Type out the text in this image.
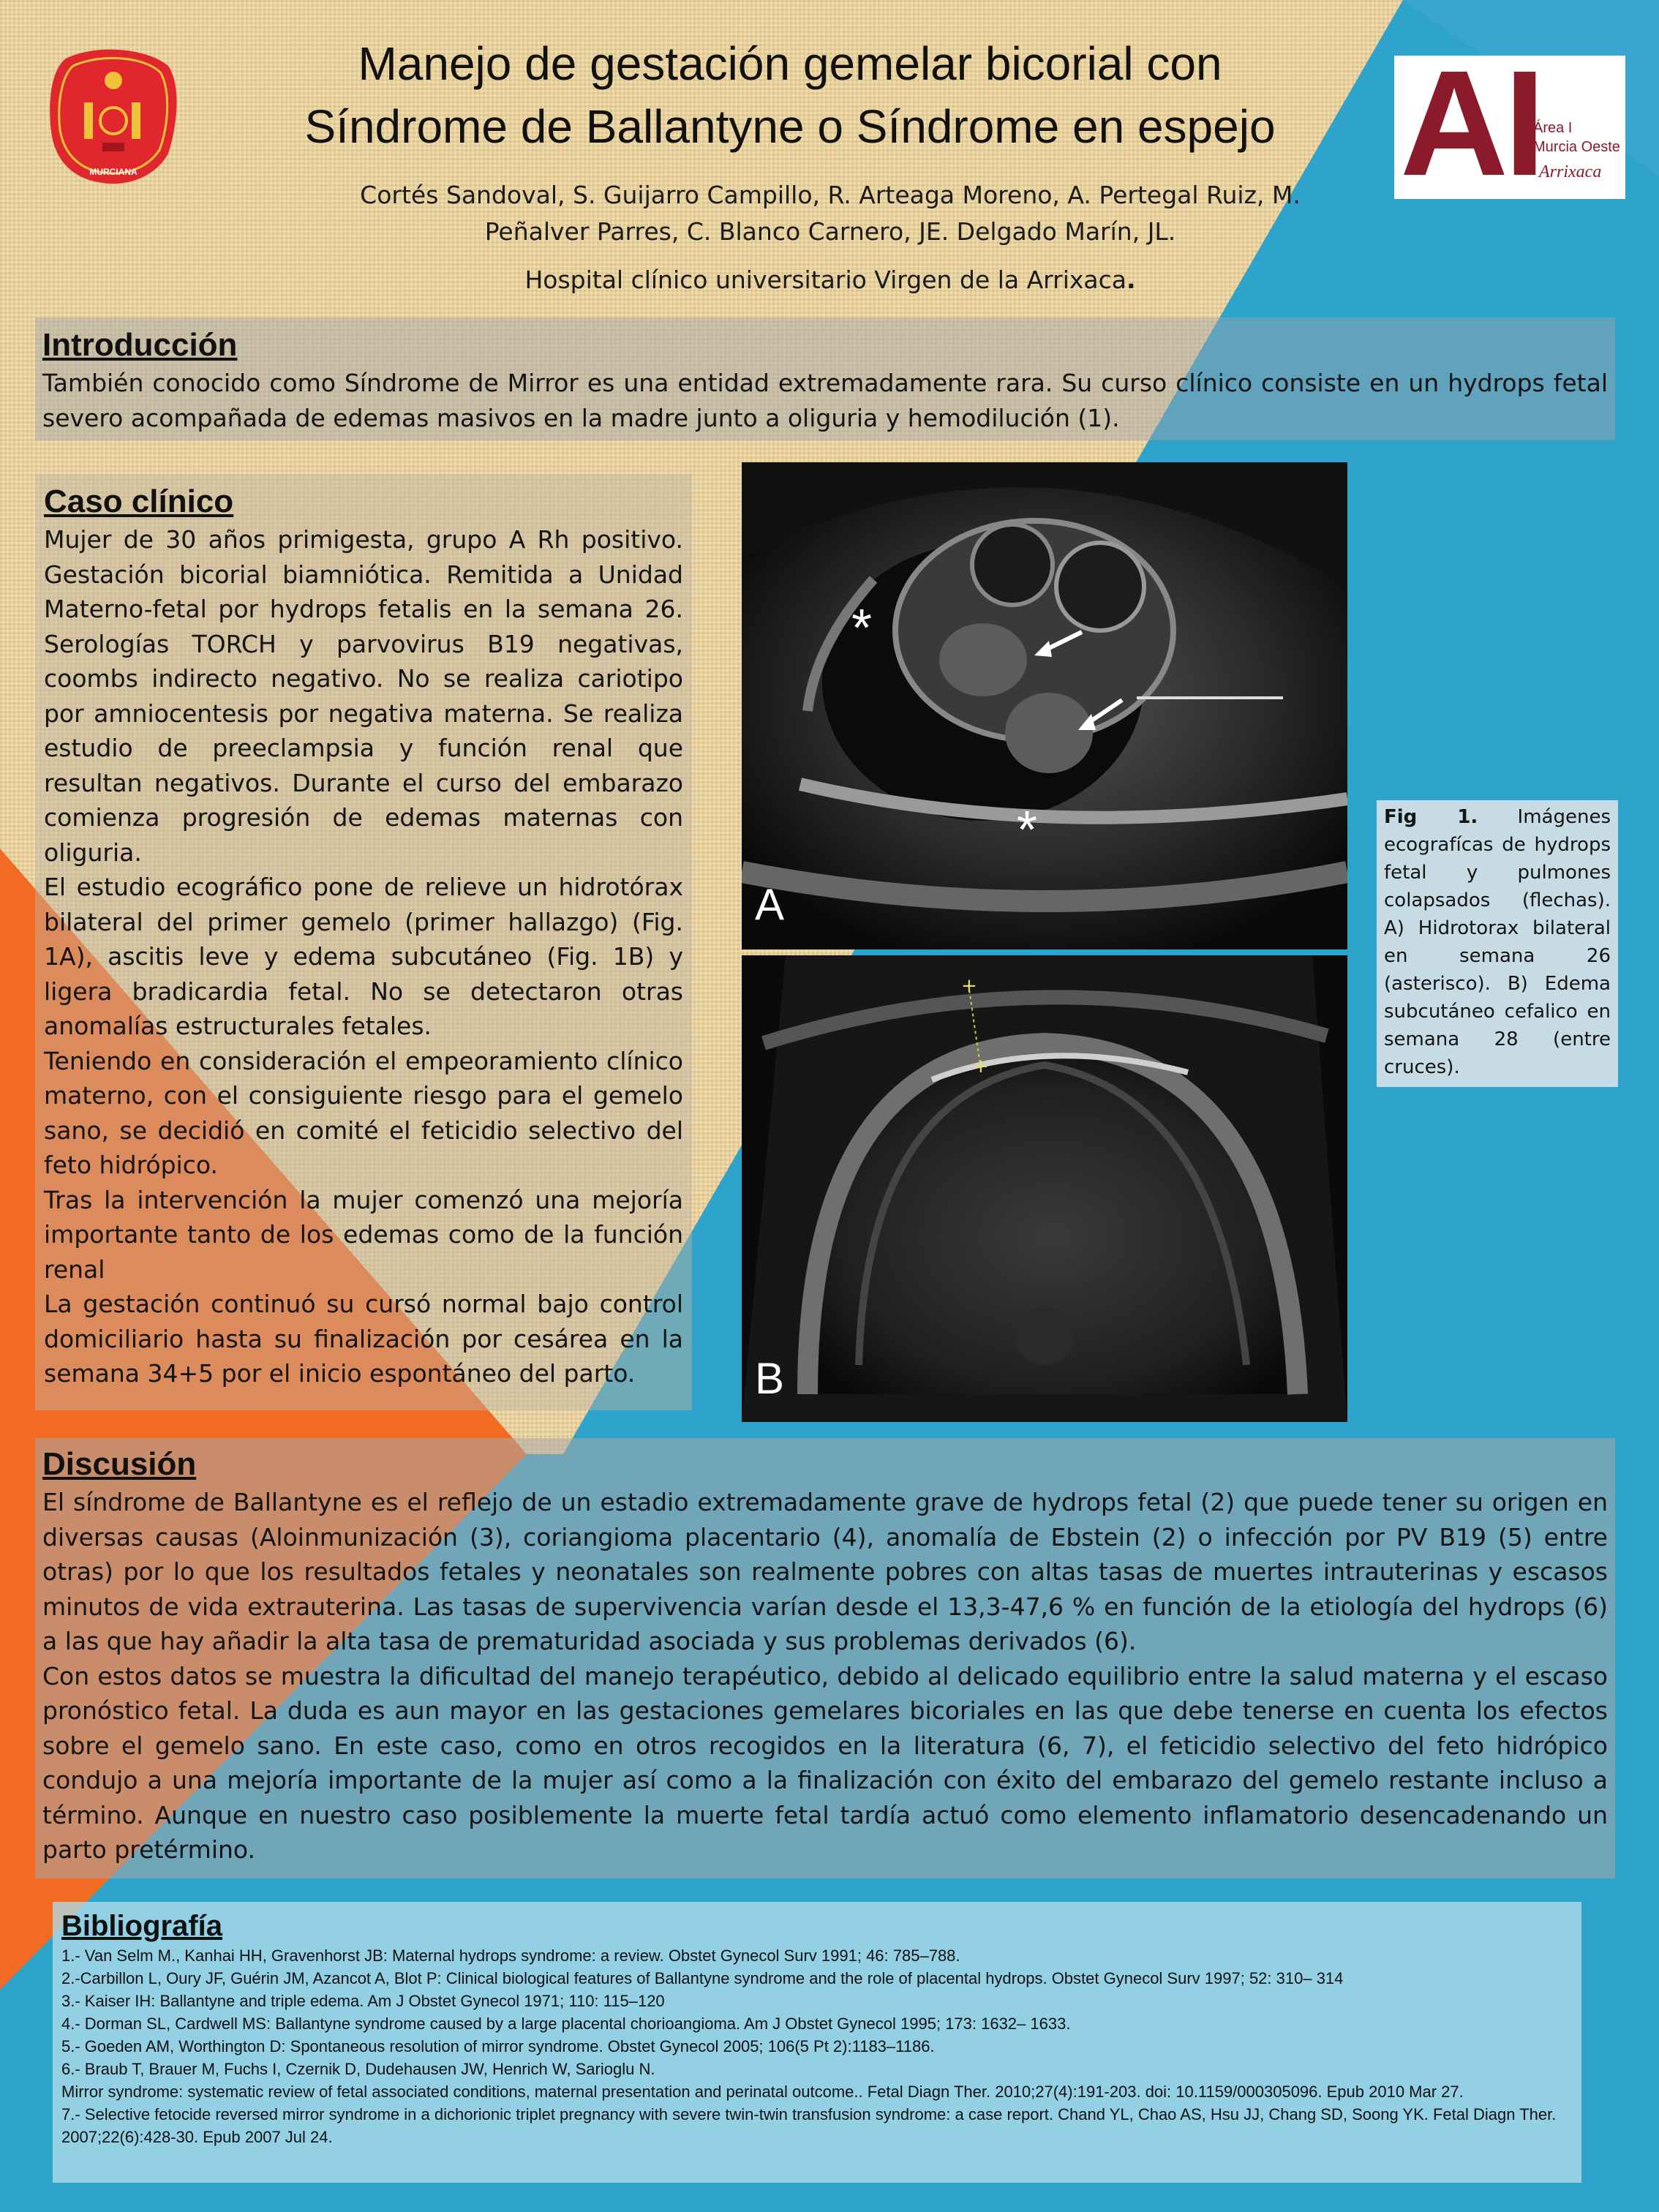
MURCIANA	AI
Área I
Murcia Oeste
Arrixaca
Manejo de gestación gemelar bicorial con
Síndrome de Ballantyne o Síndrome en espejo
Cortés Sandoval, S. Guijarro Campillo, R. Arteaga Moreno, A. Pertegal Ruiz, M.
Peñalver Parres, C. Blanco Carnero, JE. Delgado Marín, JL.
Hospital clínico universitario Virgen de la Arrixaca.
Introducción

También conocido como Síndrome de Mirror es una entidad extremadamente rara. Su curso clínico consiste en un hydrops fetal severo acompañada de edemas masivos en la madre junto a oliguria y hemodilución (1).

Caso clínico

Mujer de 30 años primigesta, grupo A Rh positivo. Gestación bicorial biamniótica. Remitida a Unidad Materno-fetal por hydrops fetalis en la semana 26. Serologías TORCH y parvovirus B19 negativas, coombs indirecto negativo. No se realiza cariotipo por amniocentesis por negativa materna. Se realiza estudio de preeclampsia y función renal que resultan negativos. Durante el curso del embarazo comienza progresión de edemas maternas con oliguria.

El estudio ecográfico pone de relieve un hidrotórax bilateral del primer gemelo (primer hallazgo) (Fig. 1A), ascitis leve y edema subcutáneo (Fig. 1B) y ligera bradicardia fetal. No se detectaron otras anomalías estructurales fetales.

Teniendo en consideración el empeoramiento clínico materno, con el consiguiente riesgo para el gemelo sano, se decidió en comité el feticidio selectivo del feto hidrópico.

Tras la intervención la mujer comenzó una mejoría importante tanto de los edemas como de la función renal

La gestación continuó su cursó normal bajo control domiciliario hasta su finalización por cesárea en la semana 34+5 por el inicio espontáneo del parto.

*
*
A
+
+
B

Fig 1. Imágenes ecografícas de hydrops fetal y pulmones colapsados (flechas). A) Hidrotorax bilateral en semana 26 (asterisco). B) Edema subcutáneo cefalico en semana 28 (entre cruces).

Discusión

El síndrome de Ballantyne es el reflejo de un estadio extremadamente grave de hydrops fetal (2) que puede tener su origen en diversas causas (Aloinmunización (3), coriangioma placentario (4), anomalía de Ebstein (2) o infección por PV B19 (5) entre otras) por lo que los resultados fetales y neonatales son realmente pobres con altas tasas de muertes intrauterinas y escasos minutos de vida extrauterina. Las tasas de supervivencia varían desde el 13,3-47,6 % en función de la etiología del hydrops (6) a las que hay añadir la alta tasa de prematuridad asociada y sus problemas derivados (6).

Con estos datos se muestra la dificultad del manejo terapéutico, debido al delicado equilibrio entre la salud materna y el escaso pronóstico fetal. La duda es aun mayor en las gestaciones gemelares bicoriales en las que debe tenerse en cuenta los efectos sobre el gemelo sano. En este caso, como en otros recogidos en la literatura (6, 7), el feticidio selectivo del feto hidrópico condujo a una mejoría importante de la mujer así como a la finalización con éxito del embarazo del gemelo restante incluso a término. Aunque en nuestro caso posiblemente la muerte fetal tardía actuó como elemento inflamatorio desencadenando un parto pretérmino.

Bibliografía

1.- Van Selm M., Kanhai HH, Gravenhorst JB: Maternal hydrops syndrome: a review. Obstet Gynecol Surv 1991; 46: 785–788.

2.-Carbillon L, Oury JF, Guérin JM, Azancot A, Blot P: Clinical biological features of Ballantyne syndrome and the role of placental hydrops. Obstet Gynecol Surv 1997; 52: 310– 314

3.- Kaiser IH: Ballantyne and triple edema. Am J Obstet Gynecol 1971; 110: 115–120

4.- Dorman SL, Cardwell MS: Ballantyne syndrome caused by a large placental chorioangioma. Am J Obstet Gynecol 1995; 173: 1632– 1633.

5.- Goeden AM, Worthington D: Spontaneous resolution of mirror syndrome. Obstet Gynecol 2005; 106(5 Pt 2):1183–1186.

6.- Braub T, Brauer M, Fuchs I, Czernik D, Dudehausen JW, Henrich W, Sarioglu N.

Mirror syndrome: systematic review of fetal associated conditions, maternal presentation and perinatal outcome.. Fetal Diagn Ther. 2010;27(4):191-203. doi: 10.1159/000305096. Epub 2010 Mar 27.

7.- Selective fetocide reversed mirror syndrome in a dichorionic triplet pregnancy with severe twin-twin transfusion syndrome: a case report. Chand YL, Chao AS, Hsu JJ, Chang SD, Soong YK. Fetal Diagn Ther. 2007;22(6):428-30. Epub 2007 Jul 24.
